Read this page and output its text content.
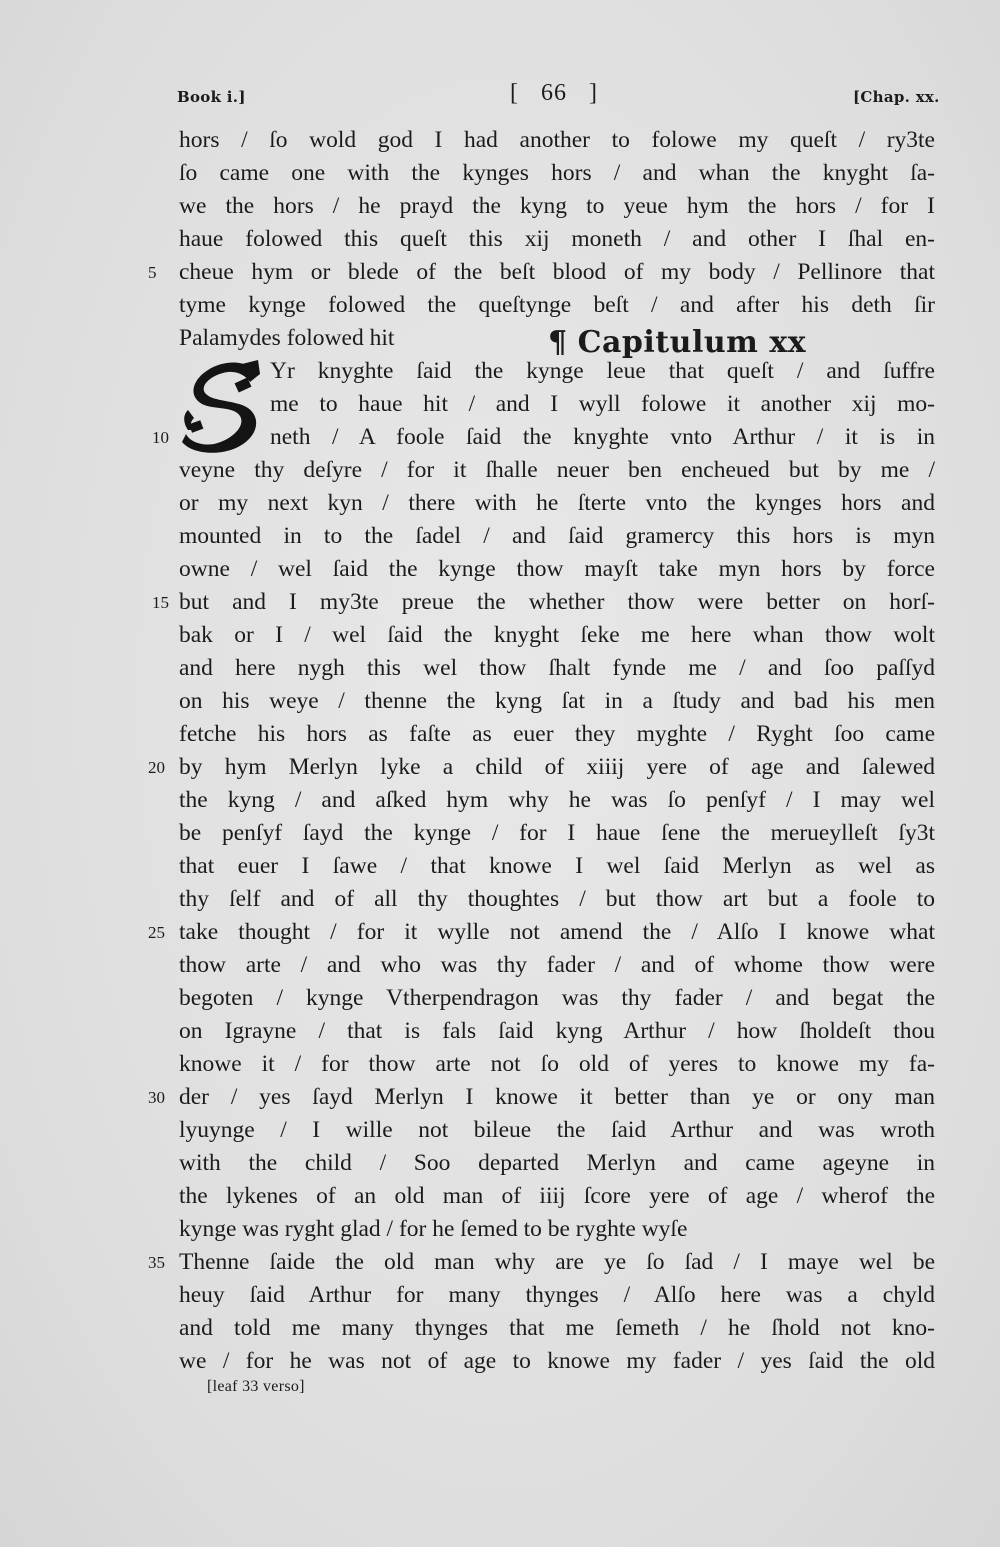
Book i.]	[ 66 ]	[Chap. xx.
¶ Capitulum xx
hors / ſo wold god I had another to folowe my queſt / ry3te
ſo came one with the kynges hors / and whan the knyght ſa-
we the hors / he prayd the kyng to yeue hym the hors / for I
haue folowed this queſt this xij moneth / and other I ſhal en-
5 cheue hym or blede of the beſt blood of my body / Pellinore that
tyme kynge folowed the queſtynge beſt / and after his deth ſir
Palamydes folowed hit
Yr knyghte ſaid the kynge leue that queſt / and ſuffre
me to haue hit / and I wyll folowe it another xij mo-
10	neth / A foole ſaid the knyghte vnto Arthur / it is in
veyne thy deſyre / for it ſhalle neuer ben encheued but by me /
or my next kyn / there with he ſterte vnto the kynges hors and
mounted in to the ſadel / and ſaid gramercy this hors is myn
owne / wel ſaid the kynge thow mayſt take myn hors by force
15 but and I my3te preue the whether thow were better on horſ-
bak or I / wel ſaid the knyght ſeke me here whan thow wolt
and here nygh this wel thow ſhalt fynde me / and ſoo paſſyd
on his weye / thenne the kyng ſat in a ſtudy and bad his men
fetche his hors as faſte as euer they myghte / Ryght ſoo came
20 by hym Merlyn lyke a child of xiiij yere of age and ſalewed
the kyng / and aſked hym why he was ſo penſyf / I may wel
be penſyf ſayd the kynge / for I haue ſene the merueylleſt ſy3t
that euer I ſawe / that knowe I wel ſaid Merlyn as wel as
thy ſelf and of all thy thoughtes / but thow art but a foole to
25 take thought / for it wylle not amend the / Alſo I knowe what
thow arte / and who was thy fader / and of whome thow were
begoten / kynge Vtherpendragon was thy fader / and begat the
on Igrayne / that is fals ſaid kyng Arthur / how ſholdeſt thou
knowe it / for thow arte not ſo old of yeres to knowe my fa-
30 der / yes ſayd Merlyn I knowe it better than ye or ony man
lyuynge / I wille not bileue the ſaid Arthur and was wroth
with the child / Soo departed Merlyn and came ageyne in
the lykenes of an old man of iiij ſcore yere of age / wherof the
kynge was ryght glad / for he ſemed to be ryghte wyſe
35 Thenne ſaide the old man why are ye ſo ſad / I maye wel be
heuy ſaid Arthur for many thynges / Alſo here was a chyld
and told me many thynges that me ſemeth / he ſhold not kno-
we / for he was not of age to knowe my fader / yes ſaid the old
[leaf 33 verso]
